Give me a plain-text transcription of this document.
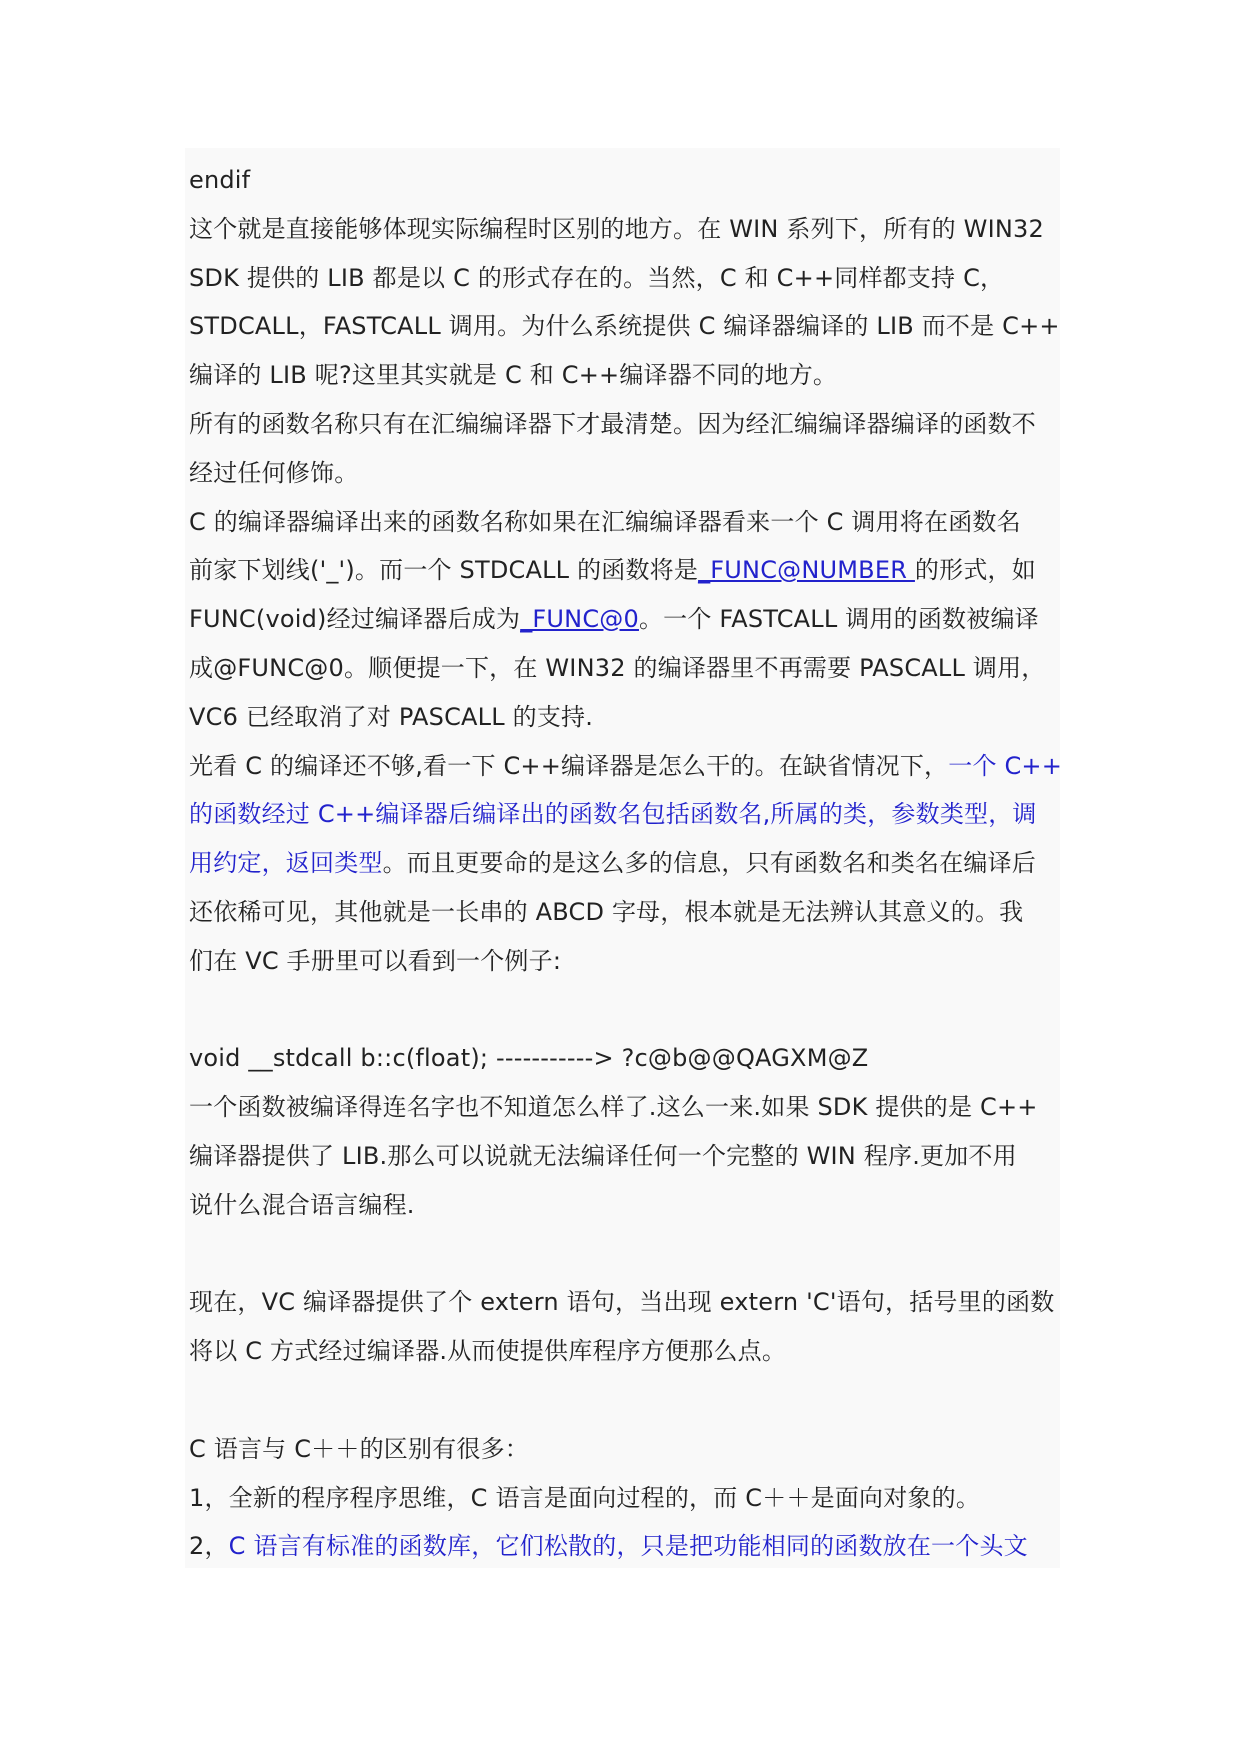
endif
这个就是直接能够体现实际编程时区别的地方。在 WIN 系列下，所有的 WIN32
SDK 提供的 LIB 都是以 C 的形式存在的。当然，C 和 C++同样都支持 C，
STDCALL，FASTCALL 调用。为什么系统提供 C 编译器编译的 LIB 而不是 C++
编译的 LIB 呢?这里其实就是 C 和 C++编译器不同的地方。
所有的函数名称只有在汇编编译器下才最清楚。因为经汇编编译器编译的函数不
经过任何修饰。
C 的编译器编译出来的函数名称如果在汇编编译器看来一个 C 调用将在函数名
前家下划线('_')。而一个 STDCALL 的函数将是_FUNC@NUMBER 的形式，如
FUNC(void)经过编译器后成为_FUNC@0。一个 FASTCALL 调用的函数被编译
成@FUNC@0。顺便提一下，在 WIN32 的编译器里不再需要 PASCALL 调用，
VC6 已经取消了对 PASCALL 的支持.
光看 C 的编译还不够,看一下 C++编译器是怎么干的。在缺省情况下，一个 C++
的函数经过 C++编译器后编译出的函数名包括函数名,所属的类，参数类型，调
用约定，返回类型。而且更要命的是这么多的信息，只有函数名和类名在编译后
还依稀可见，其他就是一长串的 ABCD 字母，根本就是无法辨认其意义的。我
们在 VC 手册里可以看到一个例子:
void __stdcall b::c(float); -----------> ?c@b@@QAGXM@Z
一个函数被编译得连名字也不知道怎么样了.这么一来.如果 SDK 提供的是 C++
编译器提供了 LIB.那么可以说就无法编译任何一个完整的 WIN 程序.更加不用
说什么混合语言编程.
现在，VC 编译器提供了个 extern 语句，当出现 extern 'C'语句，括号里的函数
将以 C 方式经过编译器.从而使提供库程序方便那么点。
C 语言与 C＋＋的区别有很多：
1，全新的程序程序思维，C 语言是面向过程的，而 C＋＋是面向对象的。
2，C 语言有标准的函数库，它们松散的，只是把功能相同的函数放在一个头文
